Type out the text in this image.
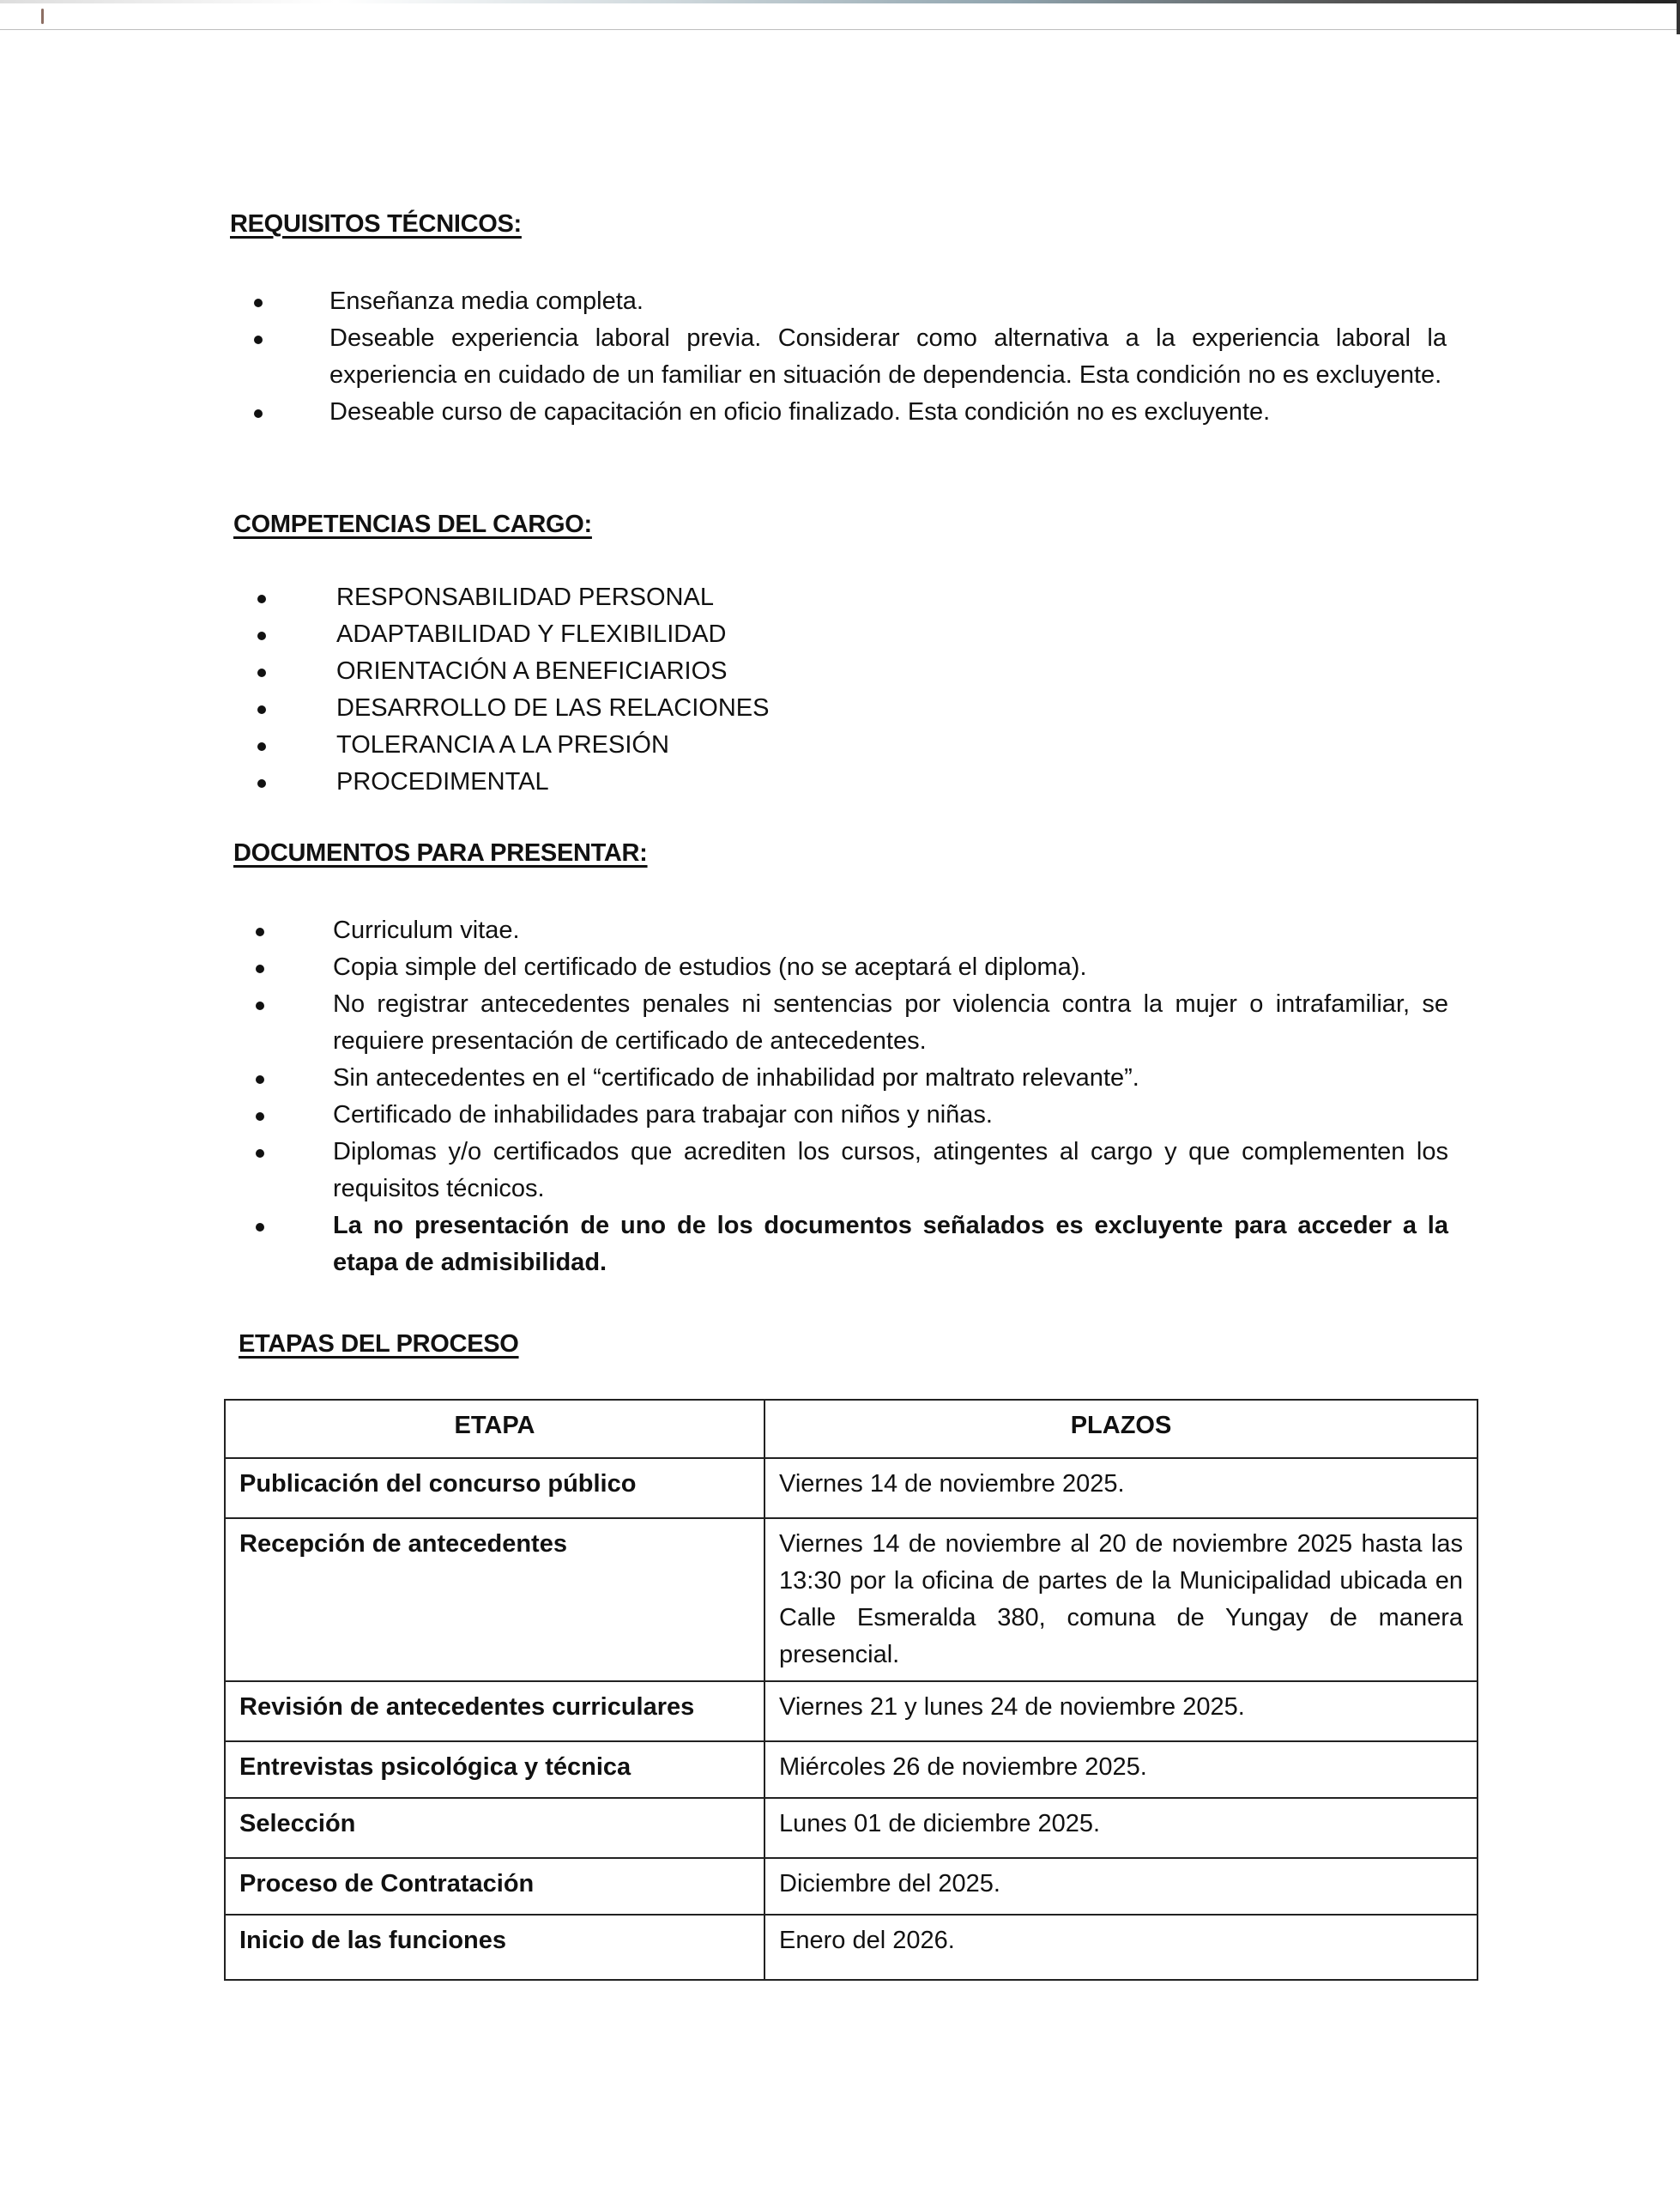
REQUISITOS TÉCNICOS:
Enseñanza media completa.
Deseable experiencia laboral previa. Considerar como alternativa a la experiencia laboral la experiencia en cuidado de un familiar en situación de dependencia. Esta condición no es excluyente.
Deseable curso de capacitación en oficio finalizado. Esta condición no es excluyente.
COMPETENCIAS DEL CARGO:
RESPONSABILIDAD PERSONAL
ADAPTABILIDAD Y FLEXIBILIDAD
ORIENTACIÓN A BENEFICIARIOS
DESARROLLO DE LAS RELACIONES
TOLERANCIA A LA PRESIÓN
PROCEDIMENTAL
DOCUMENTOS PARA PRESENTAR:
Curriculum vitae.
Copia simple del certificado de estudios (no se aceptará el diploma).
No registrar antecedentes penales ni sentencias por violencia contra la mujer o intrafamiliar, se requiere presentación de certificado de antecedentes.
Sin antecedentes en el “certificado de inhabilidad por maltrato relevante”.
Certificado de inhabilidades para trabajar con niños y niñas.
Diplomas y/o certificados que acrediten los cursos, atingentes al cargo y que complementen los requisitos técnicos.
La no presentación de uno de los documentos señalados es excluyente para acceder a la etapa de admisibilidad.
ETAPAS DEL PROCESO
ETAPA	PLAZOS
Publicación del concurso público	Viernes 14 de noviembre 2025.
Recepción de antecedentes	Viernes 14 de noviembre al 20 de noviembre 2025 hasta las 13:30 por la oficina de partes de la Municipalidad ubicada en Calle Esmeralda 380, comuna de Yungay de manera presencial.
Revisión de antecedentes curriculares	Viernes 21 y lunes 24 de noviembre 2025.
Entrevistas psicológica y técnica	Miércoles 26 de noviembre 2025.
Selección	Lunes 01 de diciembre 2025.
Proceso de Contratación	Diciembre del 2025.
Inicio de las funciones	Enero del 2026.
